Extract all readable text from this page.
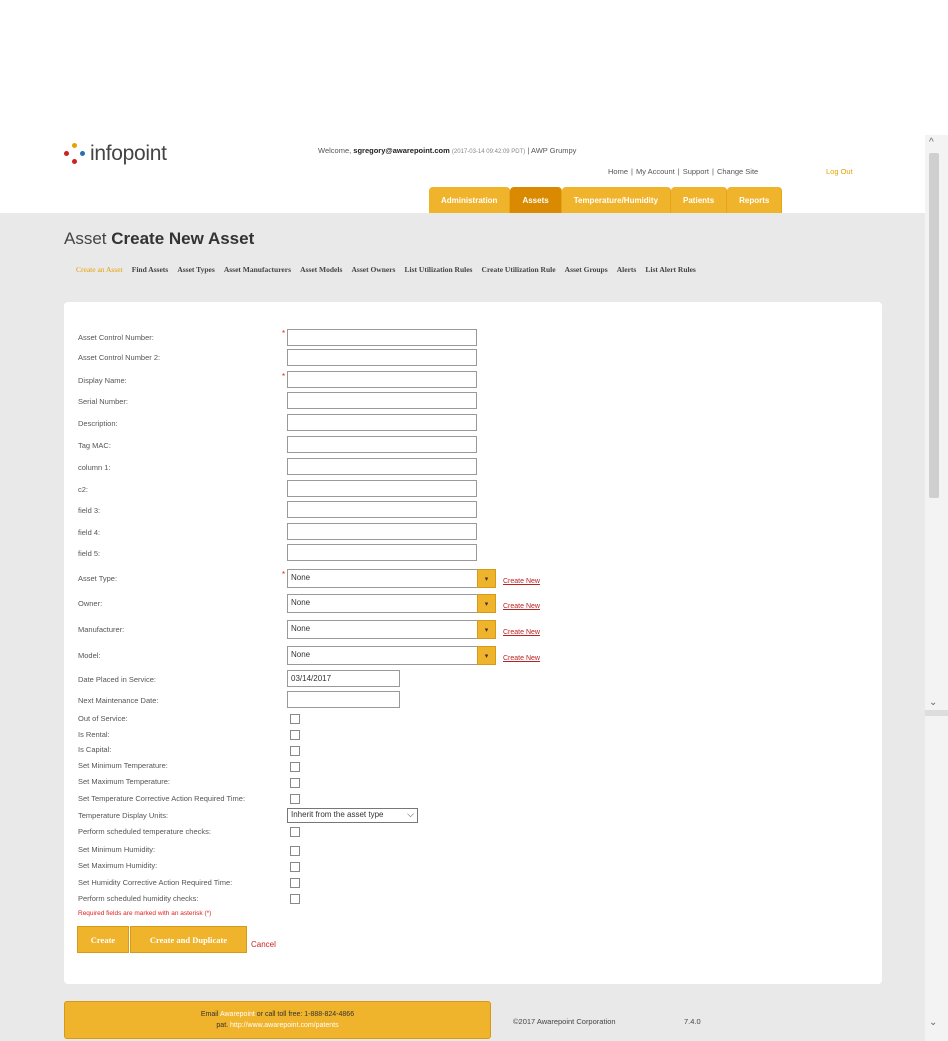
infopoint	Welcome, sgregory@awarepoint.com (2017-03-14 09:42:09 PDT) | AWP Grumpy
Home | My Account | Support | Change Site	Log Out
Administration	Assets	Temperature/Humidity	Patients	Reports
Asset Create New Asset
Create an Asset Find Assets Asset Types Asset Manufacturers Asset Models Asset Owners List Utilization Rules Create Utilization Rule Asset Groups Alerts List Alert Rules
Asset Control Number:	*
Asset Control Number 2:
Display Name:	*
Serial Number:
Description:
Tag MAC:
column 1:
c2:
field 3:
field 4:
field 5:
Asset Type:	* None	▾	Create New
Owner:	None	▾	Create New
Manufacturer:	None	▾	Create New
Model:	None	▾	Create New
Date Placed in Service:
03/14/2017
Next Maintenance Date:
Out of Service:
Is Rental:
Is Capital:
Set Minimum Temperature:
Set Maximum Temperature:
Set Temperature Corrective Action Required Time:
Temperature Display Units:	Inherit from the asset type	⌵
Perform scheduled temperature checks:
Set Minimum Humidity:
Set Maximum Humidity:
Set Humidity Corrective Action Required Time:
Perform scheduled humidity checks:
Required fields are marked with an asterisk (*)
Create	Create and Duplicate	Cancel
Email Awarepoint or call toll free: 1-888-824-4866
pat. http://www.awarepoint.com/patents	©2017 Awarepoint Corporation	7.4.0
^
⌄
⌄
